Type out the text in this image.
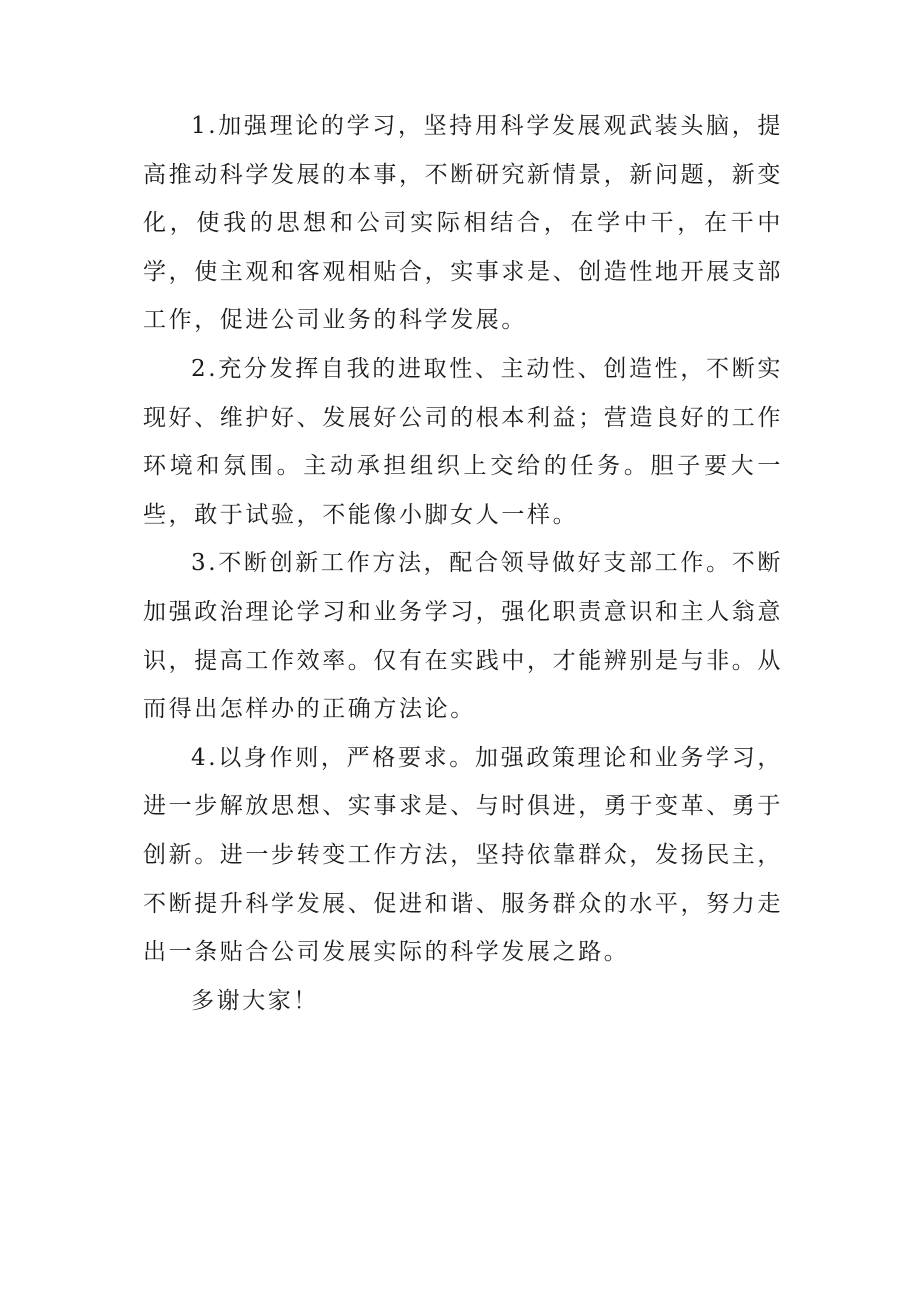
1.加强理论的学习，坚持用科学发展观武装头脑，提高推动科学发展的本事，不断研究新情景，新问题，新变化，使我的思想和公司实际相结合，在学中干，在干中学，使主观和客观相贴合，实事求是、创造性地开展支部工作，促进公司业务的科学发展。

2.充分发挥自我的进取性、主动性、创造性，不断实现好、维护好、发展好公司的根本利益；营造良好的工作环境和氛围。主动承担组织上交给的任务。胆子要大一些，敢于试验，不能像小脚女人一样。

3.不断创新工作方法，配合领导做好支部工作。不断加强政治理论学习和业务学习，强化职责意识和主人翁意识，提高工作效率。仅有在实践中，才能辨别是与非。从而得出怎样办的正确方法论。

4.以身作则，严格要求。加强政策理论和业务学习，进一步解放思想、实事求是、与时俱进，勇于变革、勇于创新。进一步转变工作方法，坚持依靠群众，发扬民主，不断提升科学发展、促进和谐、服务群众的水平，努力走出一条贴合公司发展实际的科学发展之路。

多谢大家！
